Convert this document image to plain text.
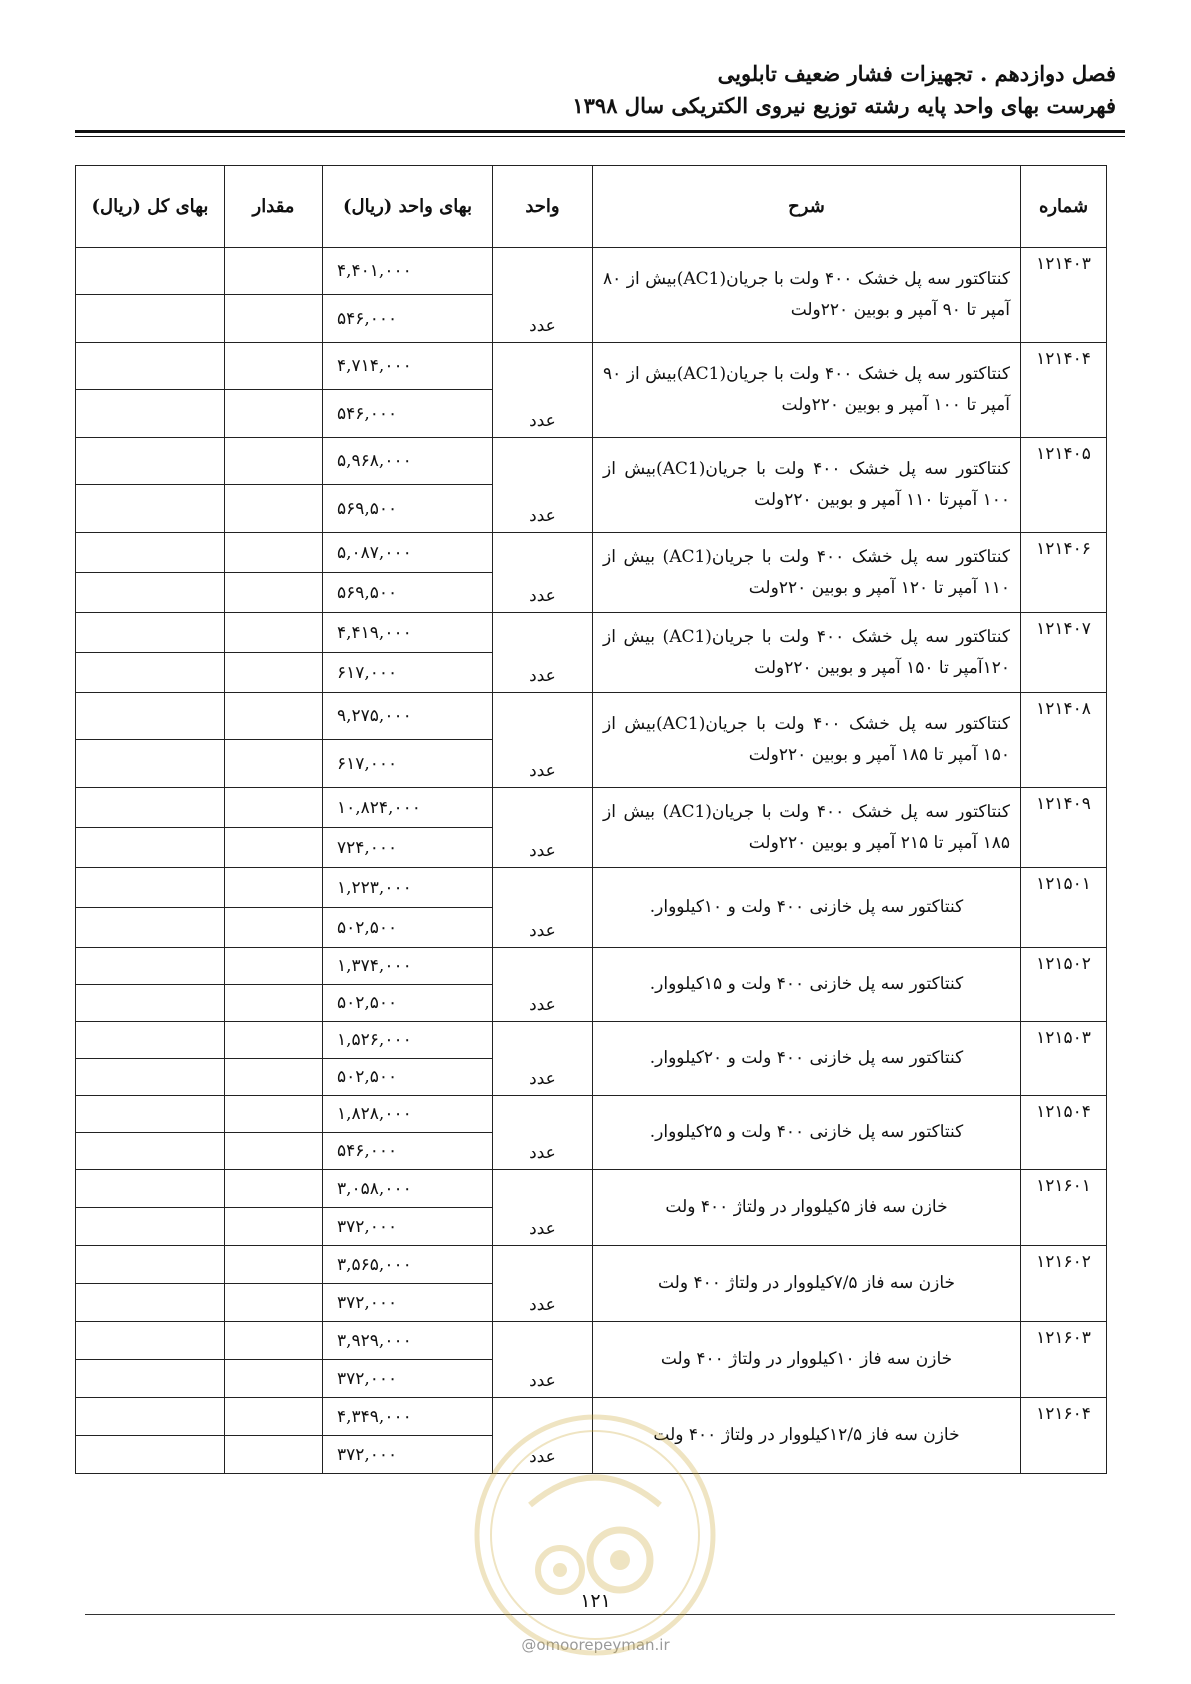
فصل دوازدهم . تجهیزات فشار ضعیف تابلویی
فهرست بهای واحد پایه رشته توزیع نیروی الکتریکی سال ۱۳۹۸
شماره	شرح	واحد	بهای واحد (ریال)	مقدار	بهای کل (ریال)
۱۲۱۴۰۳	کنتاکتور سه پل خشک ۴۰۰ ولت با جریان(AC1)بیش از ۸۰ آمپر تا ۹۰ آمپر و بوبین ۲۲۰ولت	عدد	۴,۴۰۱,۰۰۰		
			۵۴۶,۰۰۰		
۱۲۱۴۰۴	کنتاکتور سه پل خشک ۴۰۰ ولت با جریان(AC1)بیش از ۹۰ آمپر تا ۱۰۰ آمپر و بوبین ۲۲۰ولت	عدد	۴,۷۱۴,۰۰۰		
			۵۴۶,۰۰۰		
۱۲۱۴۰۵	کنتاکتور سه پل خشک ۴۰۰ ولت با جریان(AC1)بیش از ۱۰۰ آمپرتا ۱۱۰ آمپر و بوبین ۲۲۰ولت	عدد	۵,۹۶۸,۰۰۰		
			۵۶۹,۵۰۰		
۱۲۱۴۰۶	کنتاکتور سه پل خشک ۴۰۰ ولت با جریان(AC1) بیش از ۱۱۰ آمپر تا ۱۲۰ آمپر و بوبین ۲۲۰ولت	عدد	۵,۰۸۷,۰۰۰		
			۵۶۹,۵۰۰		
۱۲۱۴۰۷	کنتاکتور سه پل خشک ۴۰۰ ولت با جریان(AC1) بیش از ۱۲۰آمپر تا ۱۵۰ آمپر و بوبین ۲۲۰ولت	عدد	۴,۴۱۹,۰۰۰		
			۶۱۷,۰۰۰		
۱۲۱۴۰۸	کنتاکتور سه پل خشک ۴۰۰ ولت با جریان(AC1)بیش از ۱۵۰ آمپر تا ۱۸۵ آمپر و بوبین ۲۲۰ولت	عدد	۹,۲۷۵,۰۰۰		
			۶۱۷,۰۰۰		
۱۲۱۴۰۹	کنتاکتور سه پل خشک ۴۰۰ ولت با جریان(AC1) بیش از ۱۸۵ آمپر تا ۲۱۵ آمپر و بوبین ۲۲۰ولت	عدد	۱۰,۸۲۴,۰۰۰		
			۷۲۴,۰۰۰		
۱۲۱۵۰۱	کنتاکتور سه پل خازنی ۴۰۰ ولت و ۱۰کیلووار.	عدد	۱,۲۲۳,۰۰۰		
			۵۰۲,۵۰۰		
۱۲۱۵۰۲	کنتاکتور سه پل خازنی ۴۰۰ ولت و ۱۵کیلووار.	عدد	۱,۳۷۴,۰۰۰		
			۵۰۲,۵۰۰		
۱۲۱۵۰۳	کنتاکتور سه پل خازنی ۴۰۰ ولت و ۲۰کیلووار.	عدد	۱,۵۲۶,۰۰۰		
			۵۰۲,۵۰۰		
۱۲۱۵۰۴	کنتاکتور سه پل خازنی ۴۰۰ ولت و ۲۵کیلووار.	عدد	۱,۸۲۸,۰۰۰		
			۵۴۶,۰۰۰		
۱۲۱۶۰۱	خازن سه فاز ۵کیلووار در ولتاژ ۴۰۰ ولت	عدد	۳,۰۵۸,۰۰۰		
			۳۷۲,۰۰۰		
۱۲۱۶۰۲	خازن سه فاز ۷/۵کیلووار در ولتاژ ۴۰۰ ولت	عدد	۳,۵۶۵,۰۰۰		
			۳۷۲,۰۰۰		
۱۲۱۶۰۳	خازن سه فاز ۱۰کیلووار در ولتاژ ۴۰۰ ولت	عدد	۳,۹۲۹,۰۰۰		
			۳۷۲,۰۰۰		
۱۲۱۶۰۴	خازن سه فاز ۱۲/۵کیلووار در ولتاژ ۴۰۰ ولت	عدد	۴,۳۴۹,۰۰۰		
			۳۷۲,۰۰۰		
۱۲۱
@omoorepeyman.ir
